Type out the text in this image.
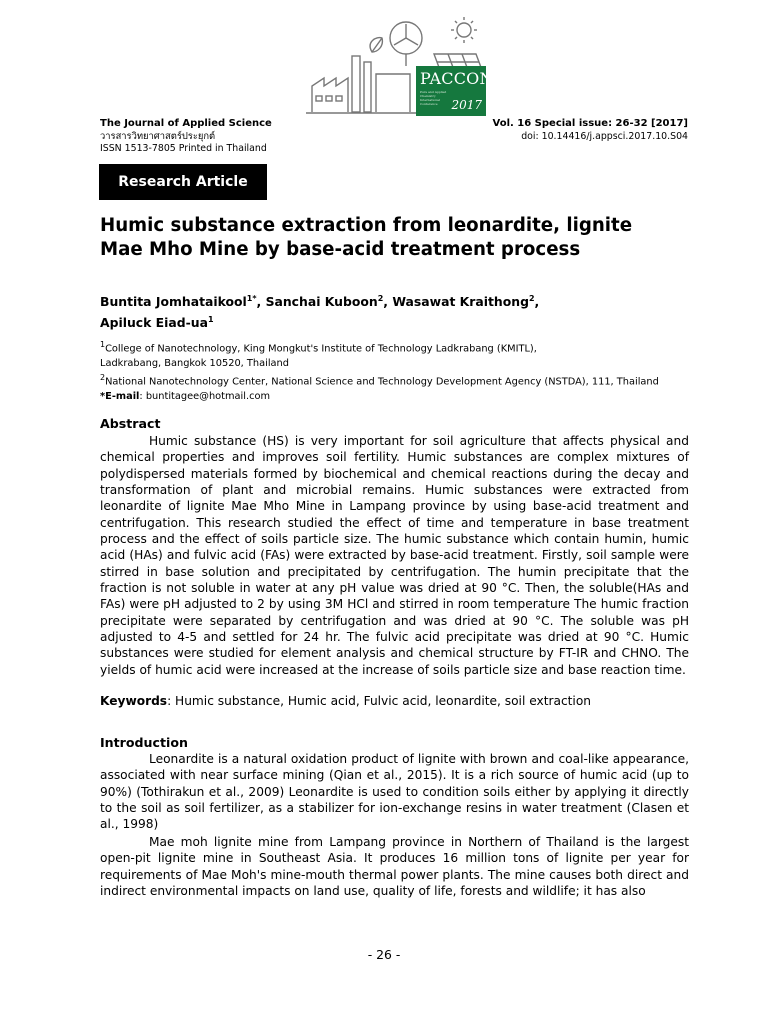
PACCON
Pure and Applied Chemistry International Conference	2017
The Journal of Applied Science
วารสารวิทยาศาสตร์ประยุกต์
ISSN 1513-7805 Printed in Thailand
Vol. 16 Special issue: 26-32 [2017]
doi: 10.14416/j.appsci.2017.10.S04
Research Article
Humic substance extraction from leonardite, lignite Mae Mho Mine by base-acid treatment process
Buntita Jomhataikool$^{1*}$, Sanchai Kuboon$^2$, Wasawat Kraithong$^2$,
Apiluck Eiad-$ua^1$
$^1$College of Nanotechnology, King Mongkut's Institute of Technology Ladkrabang (KMITL),
Ladkrabang, Bangkok 10520, Thailand
$^2$National Nanotechnology Center, National Science and Technology Development Agency (NSTDA), 111, Thailand
*E-mail: buntitagee@hotmail.com
Abstract
Humic substance (HS) is very important for soil agriculture that affects physical and chemical properties and improves soil fertility. Humic substances are complex mixtures of polydispersed materials formed by biochemical and chemical reactions during the decay and transformation of plant and microbial remains. Humic substances were extracted from leonardite of lignite Mae Mho Mine in Lampang province by using base-acid treatment and centrifugation. This research studied the effect of time and temperature in base treatment process and the effect of soils particle size. The humic substance which contain humin, humic acid (HAs) and fulvic acid (FAs) were extracted by base-acid treatment. Firstly, soil sample were stirred in base solution and precipitated by centrifugation. The humin precipitate that the fraction is not soluble in water at any pH value was dried at 90 °C. Then, the soluble(HAs and FAs) were pH adjusted to 2 by using 3M HCl and stirred in room temperature The humic fraction precipitate were separated by centrifugation and was dried at 90 °C. The soluble was pH adjusted to 4-5 and settled for 24 hr. The fulvic acid precipitate was dried at 90 °C. Humic substances were studied for element analysis and chemical structure by FT-IR and CHNO. The yields of humic acid were increased at the increase of soils particle size and base reaction time.
Keywords: Humic substance, Humic acid, Fulvic acid, leonardite, soil extraction
Introduction
Leonardite is a natural oxidation product of lignite with brown and coal-like appearance, associated with near surface mining (Qian et al., 2015). It is a rich source of humic acid (up to 90%) (Tothirakun et al., 2009) Leonardite is used to condition soils either by applying it directly to the soil as soil fertilizer, as a stabilizer for ion-exchange resins in water treatment (Clasen et al., 1998)
Mae moh lignite mine from Lampang province in Northern of Thailand is the largest open-pit lignite mine in Southeast Asia. It produces 16 million tons of lignite per year for requirements of Mae Moh's mine-mouth thermal power plants. The mine causes both direct and indirect environmental impacts on land use, quality of life, forests and wildlife; it has also
- 26 -
